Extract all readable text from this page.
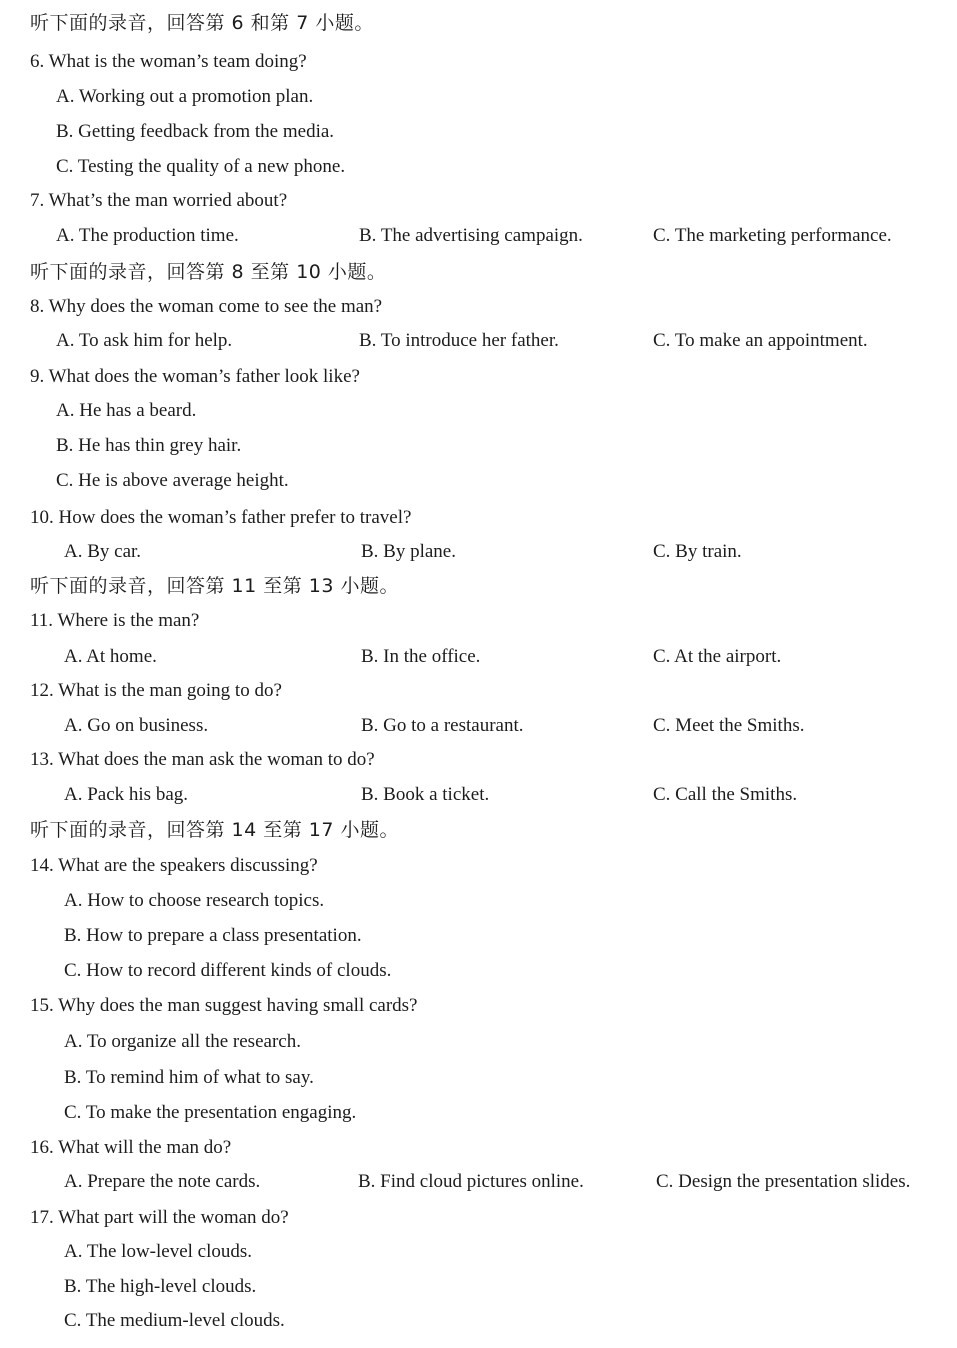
听下面的录音，回答第 6 和第 7 小题。
6. What is the woman’s team doing?
A. Working out a promotion plan.
B. Getting feedback from the media.
C. Testing the quality of a new phone.
7. What’s the man worried about?
A. The production time.	B. The advertising campaign.	C. The marketing performance.
听下面的录音，回答第 8 至第 10 小题。
8. Why does the woman come to see the man?
A. To ask him for help.	B. To introduce her father.	C. To make an appointment.
9. What does the woman’s father look like?
A. He has a beard.
B. He has thin grey hair.
C. He is above average height.
10. How does the woman’s father prefer to travel?
A. By car.	B. By plane.	C. By train.
听下面的录音，回答第 11 至第 13 小题。
11. Where is the man?
A. At home.	B. In the office.	C. At the airport.
12. What is the man going to do?
A. Go on business.	B. Go to a restaurant.	C. Meet the Smiths.
13. What does the man ask the woman to do?
A. Pack his bag.	B. Book a ticket.	C. Call the Smiths.
听下面的录音，回答第 14 至第 17 小题。
14. What are the speakers discussing?
A. How to choose research topics.
B. How to prepare a class presentation.
C. How to record different kinds of clouds.
15. Why does the man suggest having small cards?
A. To organize all the research.
B. To remind him of what to say.
C. To make the presentation engaging.
16. What will the man do?
A. Prepare the note cards.	B. Find cloud pictures online.	C. Design the presentation slides.
17. What part will the woman do?
A. The low-level clouds.
B. The high-level clouds.
C. The medium-level clouds.
